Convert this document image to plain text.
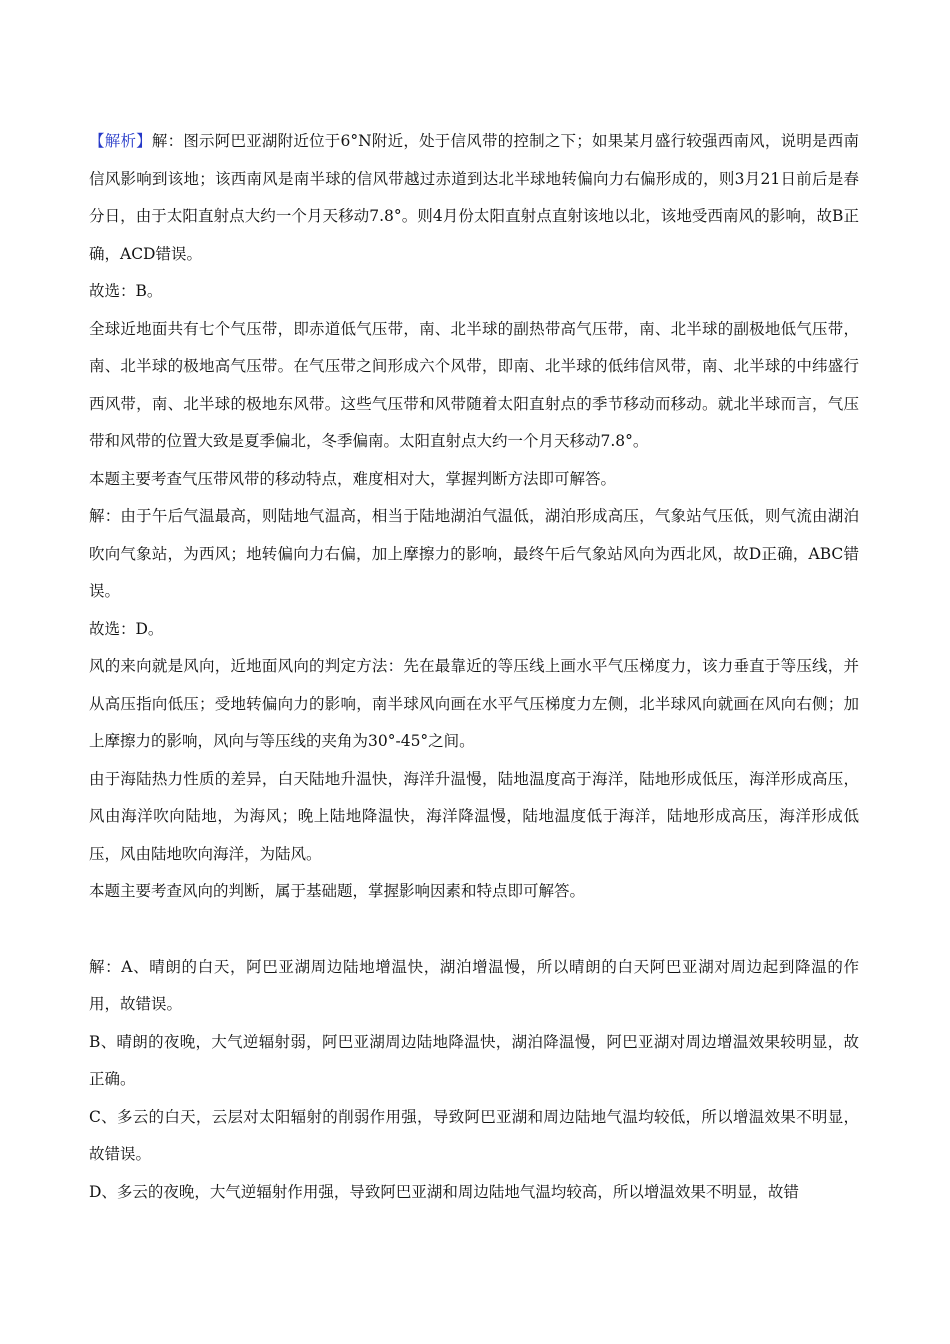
【解析】解：图示阿巴亚湖附近位于6°N附近，处于信风带的控制之下；如果某月盛行较强西南风，说明是西南信风影响到该地；该西南风是南半球的信风带越过赤道到达北半球地转偏向力右偏形成的，则3月21日前后是春分日，由于太阳直射点大约一个月天移动7.8°。则4月份太阳直射点直射该地以北，该地受西南风的影响，故B正确，ACD错误。

故选：B。

全球近地面共有七个气压带，即赤道低气压带，南、北半球的副热带高气压带，南、北半球的副极地低气压带，南、北半球的极地高气压带。在气压带之间形成六个风带，即南、北半球的低纬信风带，南、北半球的中纬盛行西风带，南、北半球的极地东风带。这些气压带和风带随着太阳直射点的季节移动而移动。就北半球而言，气压带和风带的位置大致是夏季偏北，冬季偏南。太阳直射点大约一个月天移动7.8°。

本题主要考查气压带风带的移动特点，难度相对大，掌握判断方法即可解答。

解：由于午后气温最高，则陆地气温高，相当于陆地湖泊气温低，湖泊形成高压，气象站气压低，则气流由湖泊吹向气象站，为西风；地转偏向力右偏，加上摩擦力的影响，最终午后气象站风向为西北风，故D正确，ABC错误。

故选：D。

风的来向就是风向，近地面风向的判定方法：先在最靠近的等压线上画水平气压梯度力，该力垂直于等压线，并从高压指向低压；受地转偏向力的影响，南半球风向画在水平气压梯度力左侧，北半球风向就画在风向右侧；加上摩擦力的影响，风向与等压线的夹角为30°-45°之间。

由于海陆热力性质的差异，白天陆地升温快，海洋升温慢，陆地温度高于海洋，陆地形成低压，海洋形成高压，风由海洋吹向陆地，为海风；晚上陆地降温快，海洋降温慢，陆地温度低于海洋，陆地形成高压，海洋形成低压，风由陆地吹向海洋，为陆风。

本题主要考查风向的判断，属于基础题，掌握影响因素和特点即可解答。

解：A、晴朗的白天，阿巴亚湖周边陆地增温快，湖泊增温慢，所以晴朗的白天阿巴亚湖对周边起到降温的作用，故错误。

B、晴朗的夜晚，大气逆辐射弱，阿巴亚湖周边陆地降温快，湖泊降温慢，阿巴亚湖对周边增温效果较明显，故正确。

C、多云的白天，云层对太阳辐射的削弱作用强，导致阿巴亚湖和周边陆地气温均较低，所以增温效果不明显，故错误。

D、多云的夜晚，大气逆辐射作用强，导致阿巴亚湖和周边陆地气温均较高，所以增温效果不明显，故错
